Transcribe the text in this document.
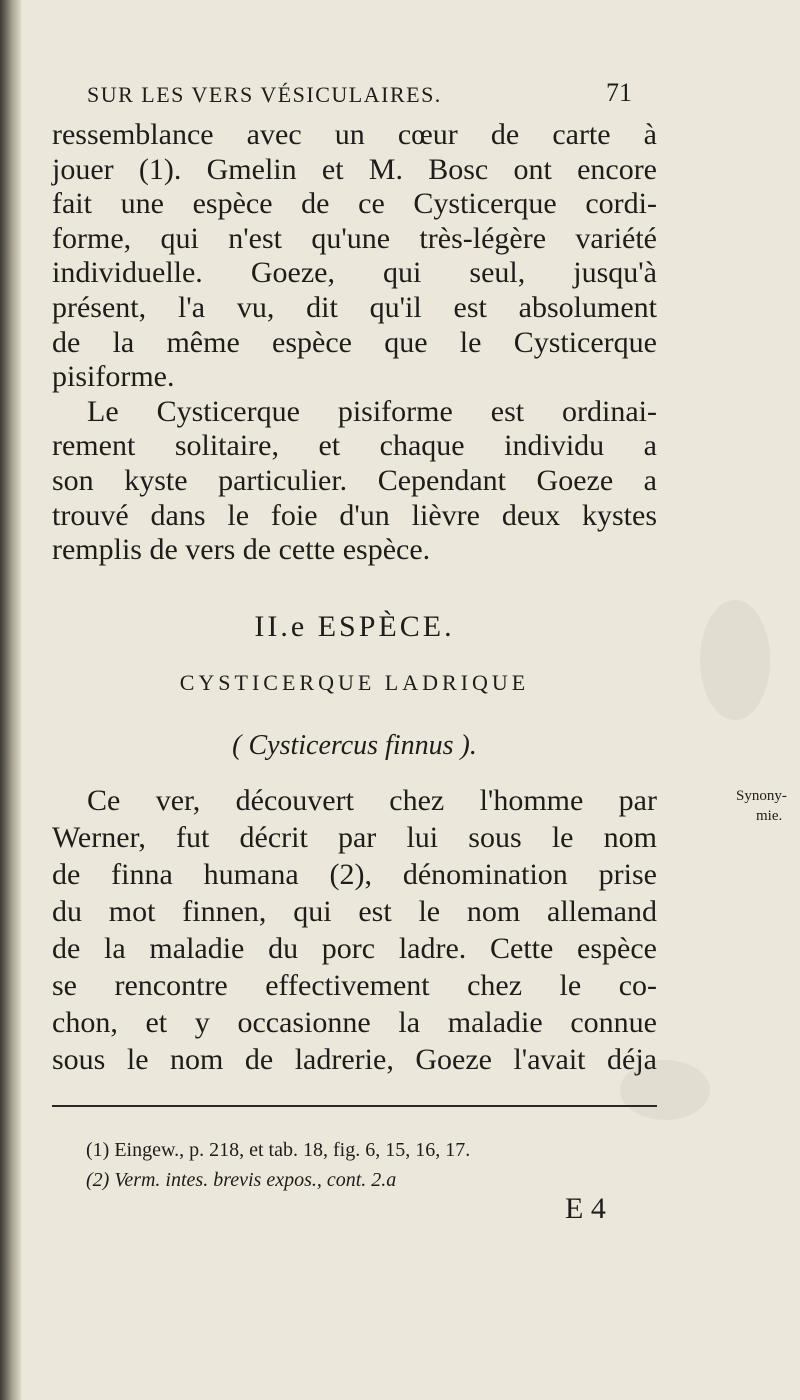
SUR LES VERS VÉSICULAIRES.	71
ressemblance avec un cœur de carte à
jouer (1). Gmelin et M. Bosc ont encore
fait une espèce de ce Cysticerque cordi-
forme, qui n'est qu'une très-légère variété
individuelle. Goeze, qui seul, jusqu'à
présent, l'a vu, dit qu'il est absolument
de la même espèce que le Cysticerque
pisiforme.
Le Cysticerque pisiforme est ordinai-
rement solitaire, et chaque individu a
son kyste particulier. Cependant Goeze a
trouvé dans le foie d'un lièvre deux kystes
remplis de vers de cette espèce.
II.e ESPÈCE.
CYSTICERQUE LADRIQUE
( Cysticercus finnus ).
Ce ver, découvert chez l'homme par
Werner, fut décrit par lui sous le nom
de finna humana (2), dénomination prise
du mot finnen, qui est le nom allemand
de la maladie du porc ladre. Cette espèce
se rencontre effectivement chez le co-
chon, et y occasionne la maladie connue
sous le nom de ladrerie, Goeze l'avait déja
Synony-
mie.
(1) Eingew., p. 218, et tab. 18, fig. 6, 15, 16, 17.
(2) Verm. intes. brevis expos., cont. 2.a
E 4
